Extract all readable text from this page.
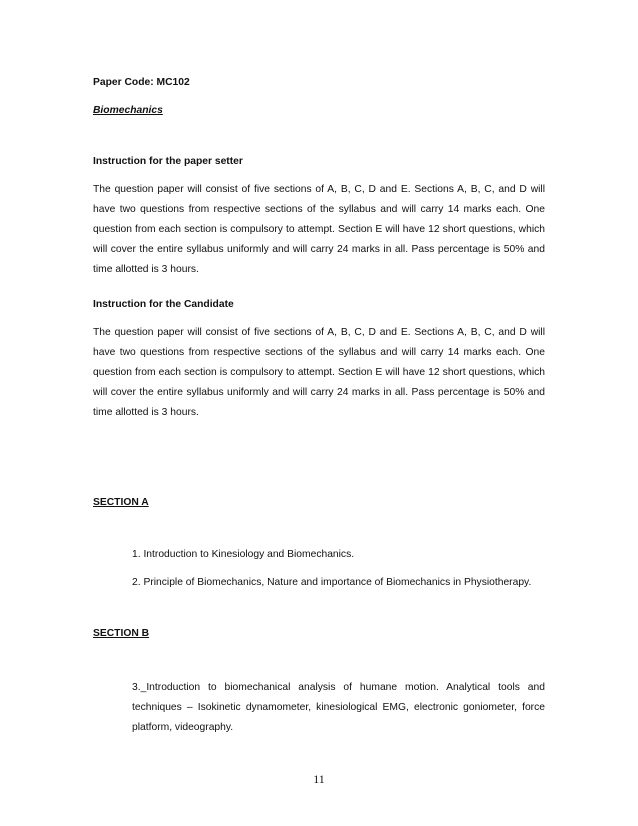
Paper Code: MC102

Biomechanics

Instruction for the paper setter

The question paper will consist of five sections of A, B, C, D and E. Sections A, B, C, and D will have two questions from respective sections of the syllabus and will carry 14 marks each. One question from each section is compulsory to attempt. Section E will have 12 short questions, which will cover the entire syllabus uniformly and will carry 24 marks in all. Pass percentage is 50% and time allotted is 3 hours.

Instruction for the Candidate

The question paper will consist of five sections of A, B, C, D and E. Sections A, B, C, and D will have two questions from respective sections of the syllabus and will carry 14 marks each. One question from each section is compulsory to attempt. Section E will have 12 short questions, which will cover the entire syllabus uniformly and will carry 24 marks in all. Pass percentage is 50% and time allotted is 3 hours.

SECTION A

1. Introduction to Kinesiology and Biomechanics.

2. Principle of Biomechanics, Nature and importance of Biomechanics in Physiotherapy.

SECTION B

3._Introduction to biomechanical analysis of humane motion. Analytical tools and techniques – Isokinetic dynamometer, kinesiological EMG, electronic goniometer, force platform, videography.

11
